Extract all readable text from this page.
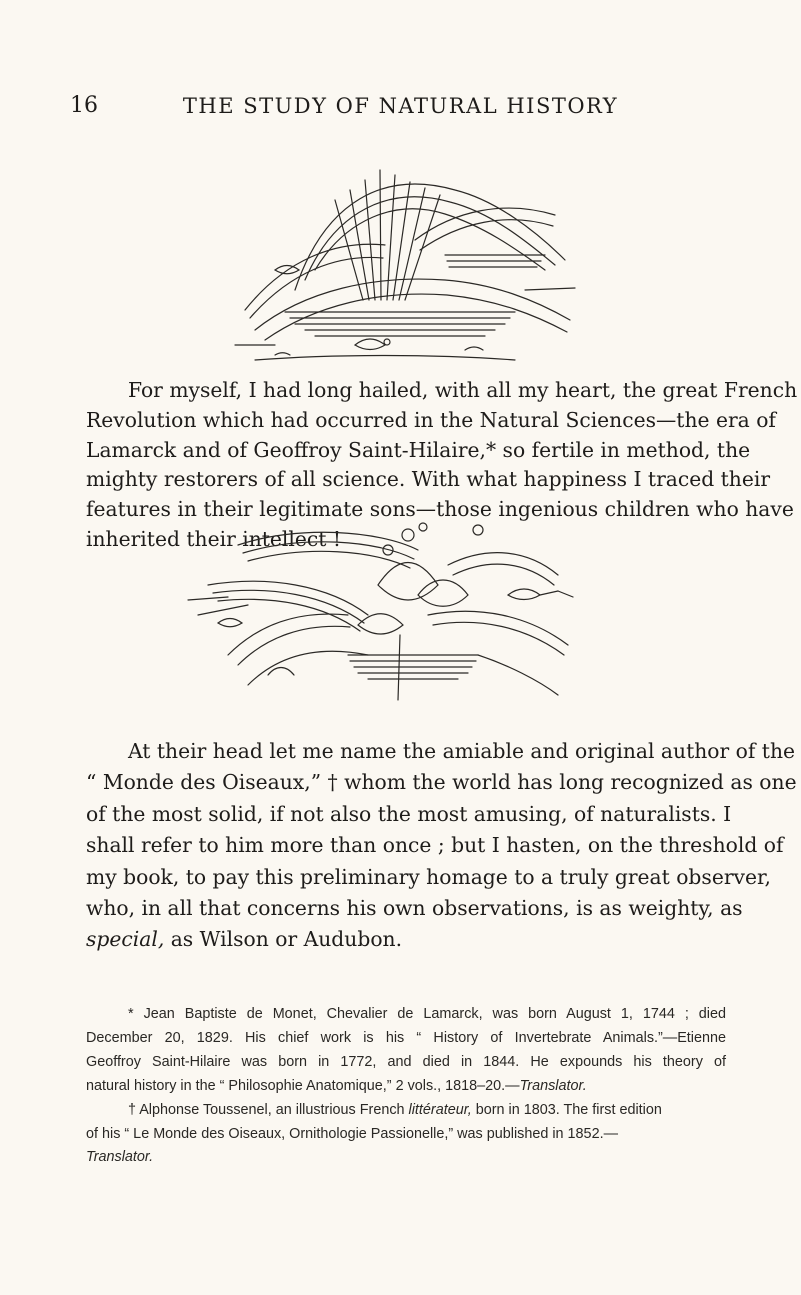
16	THE STUDY OF NATURAL HISTORY
For myself, I had long hailed, with all my heart, the great French
Revolution which had occurred in the Natural Sciences—the era of
Lamarck and of Geoffroy Saint-Hilaire,* so fertile in method, the
mighty restorers of all science. With what happiness I traced their
features in their legitimate sons—those ingenious children who have
inherited their intellect !
At their head let me name the amiable and original author of the
“ Monde des Oiseaux,” † whom the world has long recognized as one
of the most solid, if not also the most amusing, of naturalists. I
shall refer to him more than once ; but I hasten, on the threshold of
my book, to pay this preliminary homage to a truly great observer,
who, in all that concerns his own observations, is as weighty, as
special, as Wilson or Audubon.
* Jean Baptiste de Monet, Chevalier de Lamarck, was born August 1, 1744 ; died
December 20, 1829. His chief work is his “ History of Invertebrate Animals.”—Etienne
Geoffroy Saint-Hilaire was born in 1772, and died in 1844. He expounds his theory of
natural history in the “ Philosophie Anatomique,” 2 vols., 1818–20.—Translator.
† Alphonse Toussenel, an illustrious French littérateur, born in 1803. The first edition
of his “ Le Monde des Oiseaux, Ornithologie Passionelle,” was published in 1852.—
Translator.
